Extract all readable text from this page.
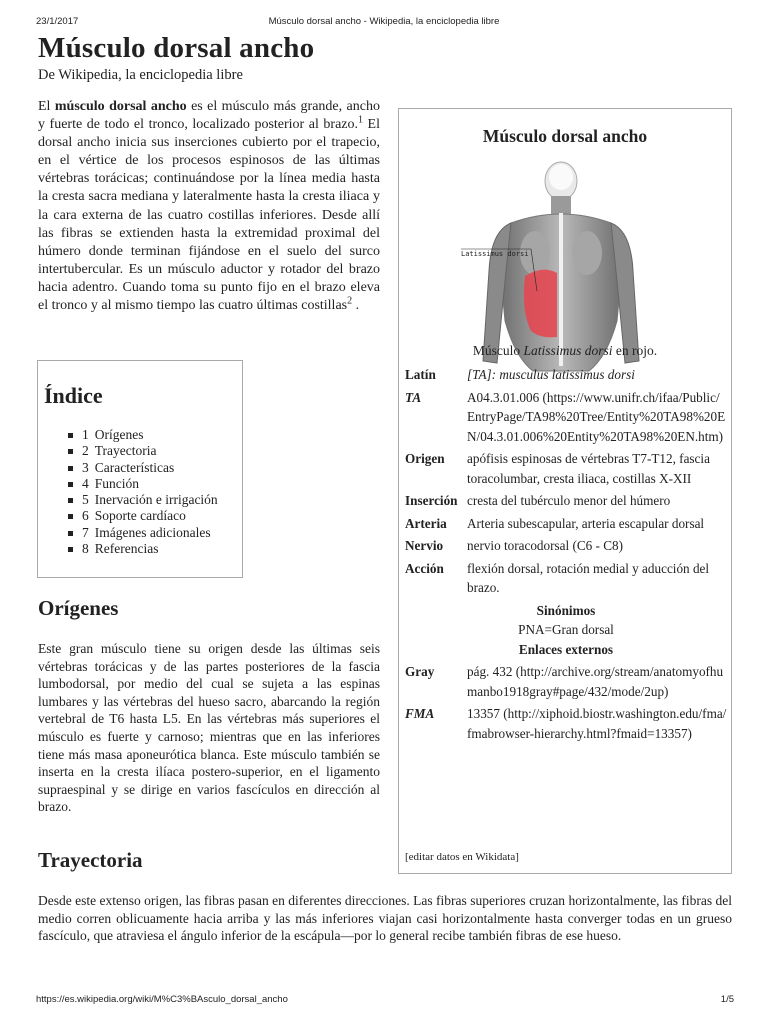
23/1/2017	Músculo dorsal ancho - Wikipedia, la enciclopedia libre
Músculo dorsal ancho
De Wikipedia, la enciclopedia libre

El músculo dorsal ancho es el músculo más grande, ancho y fuerte de todo el tronco, localizado posterior al brazo.$^1$ El dorsal ancho inicia sus inserciones cubierto por el trapecio, en el vértice de los procesos espinosos de las últimas vértebras torácicas; continuándose por la línea media hasta la cresta sacra mediana y lateralmente hasta la cresta iliaca y la cara externa de las cuatro costillas inferiores. Desde allí las fibras se extienden hasta la extremidad proximal del húmero donde terminan fijándose en el suelo del surco intertubercular. Es un músculo aductor y rotador del brazo hacia adentro. Cuando toma su punto fijo en el brazo eleva el tronco y al mismo tiempo las cuatro últimas costillas$^2$ .

Índice
1 Orígenes
2 Trayectoria
3 Características
4 Función
5 Inervación e irrigación
6 Soporte cardíaco
7 Imágenes adicionales
8 Referencias
Orígenes

Este gran músculo tiene su origen desde las últimas seis vértebras torácicas y de las partes posteriores de la fascia lumbodorsal, por medio del cual se sujeta a las espinas lumbares y las vértebras del hueso sacro, abarcando la región vertebral de T6 hasta L5. En las vértebras más superiores el músculo es fuerte y carnoso; mientras que en las inferiores tiene más masa aponeurótica blanca. Este músculo también se inserta en la cresta ilíaca postero-superior, en el ligamento supraespinal y se dirige en varios fascículos en dirección al brazo.

Trayectoria

Desde este extenso origen, las fibras pasan en diferentes direcciones. Las fibras superiores cruzan horizontalmente, las fibras del medio corren oblicuamente hacia arriba y las más inferiores viajan casi horizontalmente hasta converger todas en un grueso fascículo, que atraviesa el ángulo inferior de la escápula—por lo general recibe también fibras de ese hueso.

Músculo dorsal ancho
Latissimus dorsi
Músculo Latissimus dorsi en rojo.
Latín	[TA]: musculus latissimus dorsi
TA	A04.3.01.006 (https://www.unifr.ch/ifaa/Public/EntryPage/TA98%20Tree/Entity%20TA98%20EN/04.3.01.006%20Entity%20TA98%20EN.htm)
Origen	apófisis espinosas de vértebras T7-T12, fascia toracolumbar, cresta iliaca, costillas X-XII
Inserción	cresta del tubérculo menor del húmero
Arteria	Arteria subescapular, arteria escapular dorsal
Nervio	nervio toracodorsal (C6 - C8)
Acción	flexión dorsal, rotación medial y aducción del brazo.
Sinónimos	
PNA=Gran dorsal	
Enlaces externos	
Gray	pág. 432 (http://archive.org/stream/anatomyofhumanbo1918gray#page/432/mode/2up)
FMA	13357 (http://xiphoid.biostr.washington.edu/fma/fmabrowser-hierarchy.html?fmaid=13357)
[editar datos en Wikidata]
https://es.wikipedia.org/wiki/M%C3%BAsculo_dorsal_ancho	1/5
